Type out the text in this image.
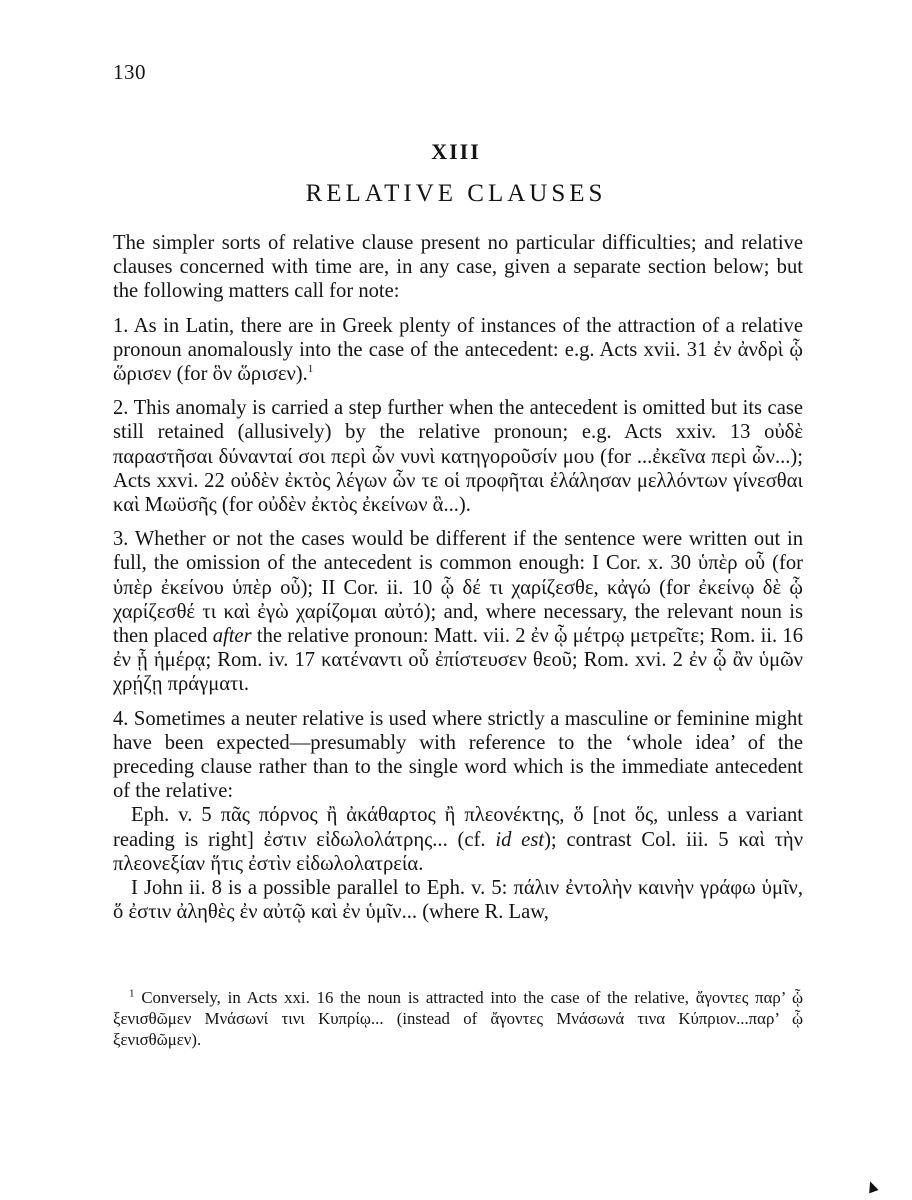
130
XIII
RELATIVE CLAUSES

The simpler sorts of relative clause present no particular difficulties; and relative clauses concerned with time are, in any case, given a separate section below; but the following matters call for note:

1. As in Latin, there are in Greek plenty of instances of the attraction of a relative pronoun anomalously into the case of the antecedent: e.g. Acts xvii. 31 ἐν ἀνδρὶ ᾧ ὥρισεν (for ὃν ὥρισεν).$^1$

2. This anomaly is carried a step further when the antecedent is omitted but its case still retained (allusively) by the relative pronoun; e.g. Acts xxiv. 13 οὐδὲ παραστῆσαι δύνανταί σοι περὶ ὧν νυνὶ κατηγοροῦσίν μου (for ...ἐκεῖνα περὶ ὧν...); Acts xxvi. 22 οὐδὲν ἐκτὸς λέγων ὧν τε οἱ προφῆται ἐλάλησαν μελλόντων γίνεσθαι καὶ Μωϋσῆς (for οὐδὲν ἐκτὸς ἐκείνων ἃ...).

3. Whether or not the cases would be different if the sentence were written out in full, the omission of the antecedent is common enough: I Cor. x. 30 ὑπὲρ οὗ (for ὑπὲρ ἐκείνου ὑπὲρ οὗ); II Cor. ii. 10 ᾧ δέ τι χαρίζεσθε, κἀγώ (for ἐκείνῳ δὲ ᾧ χαρίζεσθέ τι καὶ ἐγὼ χαρίζομαι αὐτό); and, where necessary, the relevant noun is then placed after the relative pronoun: Matt. vii. 2 ἐν ᾧ μέτρῳ μετρεῖτε; Rom. ii. 16 ἐν ᾗ ἡμέρᾳ; Rom. iv. 17 κατέναντι οὗ ἐπίστευσεν θεοῦ; Rom. xvi. 2 ἐν ᾧ ἂν ὑμῶν χρῄζῃ πράγματι.

4. Sometimes a neuter relative is used where strictly a masculine or feminine might have been expected—presumably with reference to the ‘whole idea’ of the preceding clause rather than to the single word which is the immediate antecedent of the relative:

Eph. v. 5 πᾶς πόρνος ἢ ἀκάθαρτος ἢ πλεονέκτης, ὅ [not ὅς, unless a variant reading is right] ἐστιν εἰδωλολάτρης... (cf. id est); contrast Col. iii. 5 καὶ τὴν πλεονεξίαν ἥτις ἐστὶν εἰδωλολατρεία.

I John ii. 8 is a possible parallel to Eph. v. 5: πάλιν ἐντολὴν καινὴν γράφω ὑμῖν, ὅ ἐστιν ἀληθὲς ἐν αὐτῷ καὶ ἐν ὑμῖν... (where R. Law,

$^1$ Conversely, in Acts xxi. 16 the noun is attracted into the case of the relative, ἄγοντες παρ’ ᾧ ξενισθῶμεν Μνάσωνί τινι Κυπρίῳ... (instead of ἄγοντες Μνάσωνά τινα Κύπριον...παρ’ ᾧ ξενισθῶμεν).
